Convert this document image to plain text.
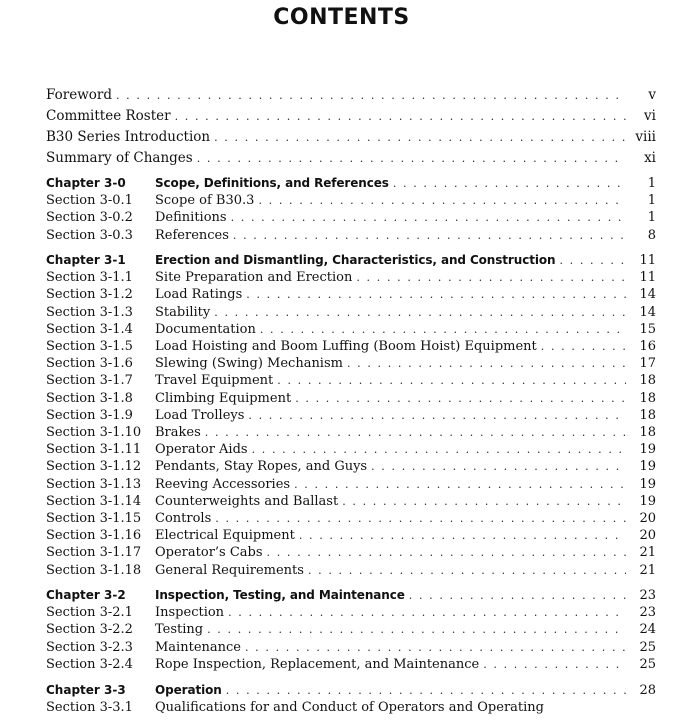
CONTENTS
Foreword . . .	v
Committee Roster . . .	vi
B30 Series Introduction . . .	viii
Summary of Changes . . .	xi
Chapter 3-0	Scope, Definitions, and References . . .	1
Section 3-0.1	Scope of B30.3 . . .	1
Section 3-0.2	Definitions . . .	1
Section 3-0.3	References . . .	8
Chapter 3-1	Erection and Dismantling, Characteristics, and Construction . . .	11
Section 3-1.1	Site Preparation and Erection . . .	11
Section 3-1.2	Load Ratings . . .	14
Section 3-1.3	Stability . . .	14
Section 3-1.4	Documentation . . .	15
Section 3-1.5	Load Hoisting and Boom Luffing (Boom Hoist) Equipment . . .	16
Section 3-1.6	Slewing (Swing) Mechanism . . .	17
Section 3-1.7	Travel Equipment . . .	18
Section 3-1.8	Climbing Equipment . . .	18
Section 3-1.9	Load Trolleys . . .	18
Section 3-1.10	Brakes . . .	18
Section 3-1.11	Operator Aids . . .	19
Section 3-1.12	Pendants, Stay Ropes, and Guys . . .	19
Section 3-1.13	Reeving Accessories . . .	19
Section 3-1.14	Counterweights and Ballast . . .	19
Section 3-1.15	Controls . . .	20
Section 3-1.16	Electrical Equipment . . .	20
Section 3-1.17	Operator’s Cabs . . .	21
Section 3-1.18	General Requirements . . .	21
Chapter 3-2	Inspection, Testing, and Maintenance . . .	23
Section 3-2.1	Inspection . . .	23
Section 3-2.2	Testing . . .	24
Section 3-2.3	Maintenance . . .	25
Section 3-2.4	Rope Inspection, Replacement, and Maintenance . . .	25
Chapter 3-3	Operation . . .	28
Section 3-3.1	Qualifications for and Conduct of Operators and Operating
